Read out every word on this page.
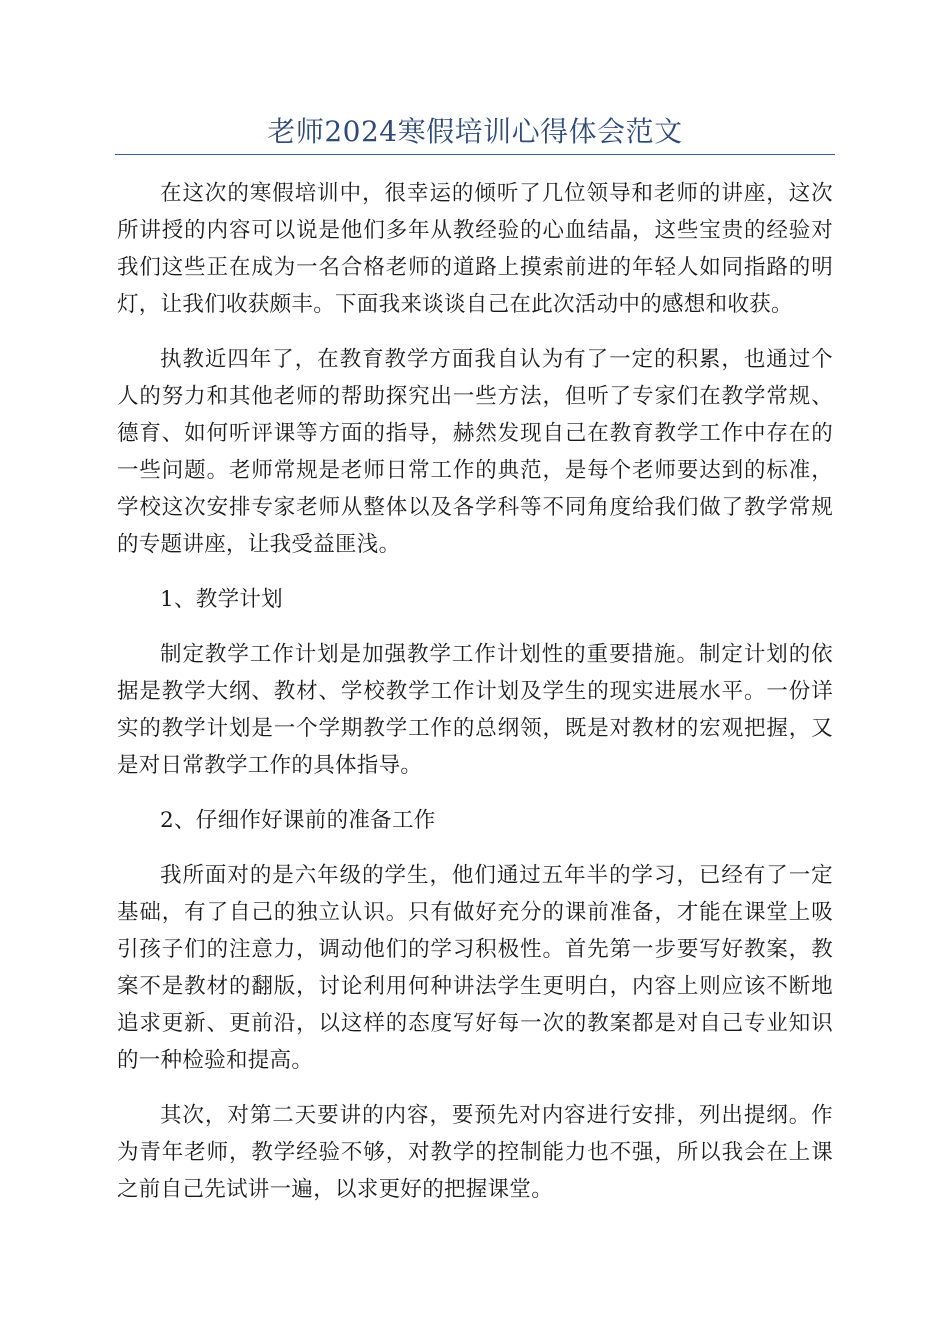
老师2024寒假培训心得体会范文

在这次的寒假培训中，很幸运的倾听了几位领导和老师的讲座，这次所讲授的内容可以说是他们多年从教经验的心血结晶，这些宝贵的经验对我们这些正在成为一名合格老师的道路上摸索前进的年轻人如同指路的明灯，让我们收获颇丰。下面我来谈谈自己在此次活动中的感想和收获。

执教近四年了，在教育教学方面我自认为有了一定的积累，也通过个人的努力和其他老师的帮助探究出一些方法，但听了专家们在教学常规、德育、如何听评课等方面的指导，赫然发现自己在教育教学工作中存在的一些问题。老师常规是老师日常工作的典范，是每个老师要达到的标准，学校这次安排专家老师从整体以及各学科等不同角度给我们做了教学常规的专题讲座，让我受益匪浅。

1、教学计划

制定教学工作计划是加强教学工作计划性的重要措施。制定计划的依据是教学大纲、教材、学校教学工作计划及学生的现实进展水平。一份详实的教学计划是一个学期教学工作的总纲领，既是对教材的宏观把握，又是对日常教学工作的具体指导。

2、仔细作好课前的准备工作

我所面对的是六年级的学生，他们通过五年半的学习，已经有了一定基础，有了自己的独立认识。只有做好充分的课前准备，才能在课堂上吸引孩子们的注意力，调动他们的学习积极性。首先第一步要写好教案，教案不是教材的翻版，讨论利用何种讲法学生更明白，内容上则应该不断地追求更新、更前沿，以这样的态度写好每一次的教案都是对自己专业知识的一种检验和提高。

其次，对第二天要讲的内容，要预先对内容进行安排，列出提纲。作为青年老师，教学经验不够，对教学的控制能力也不强，所以我会在上课之前自己先试讲一遍，以求更好的把握课堂。
